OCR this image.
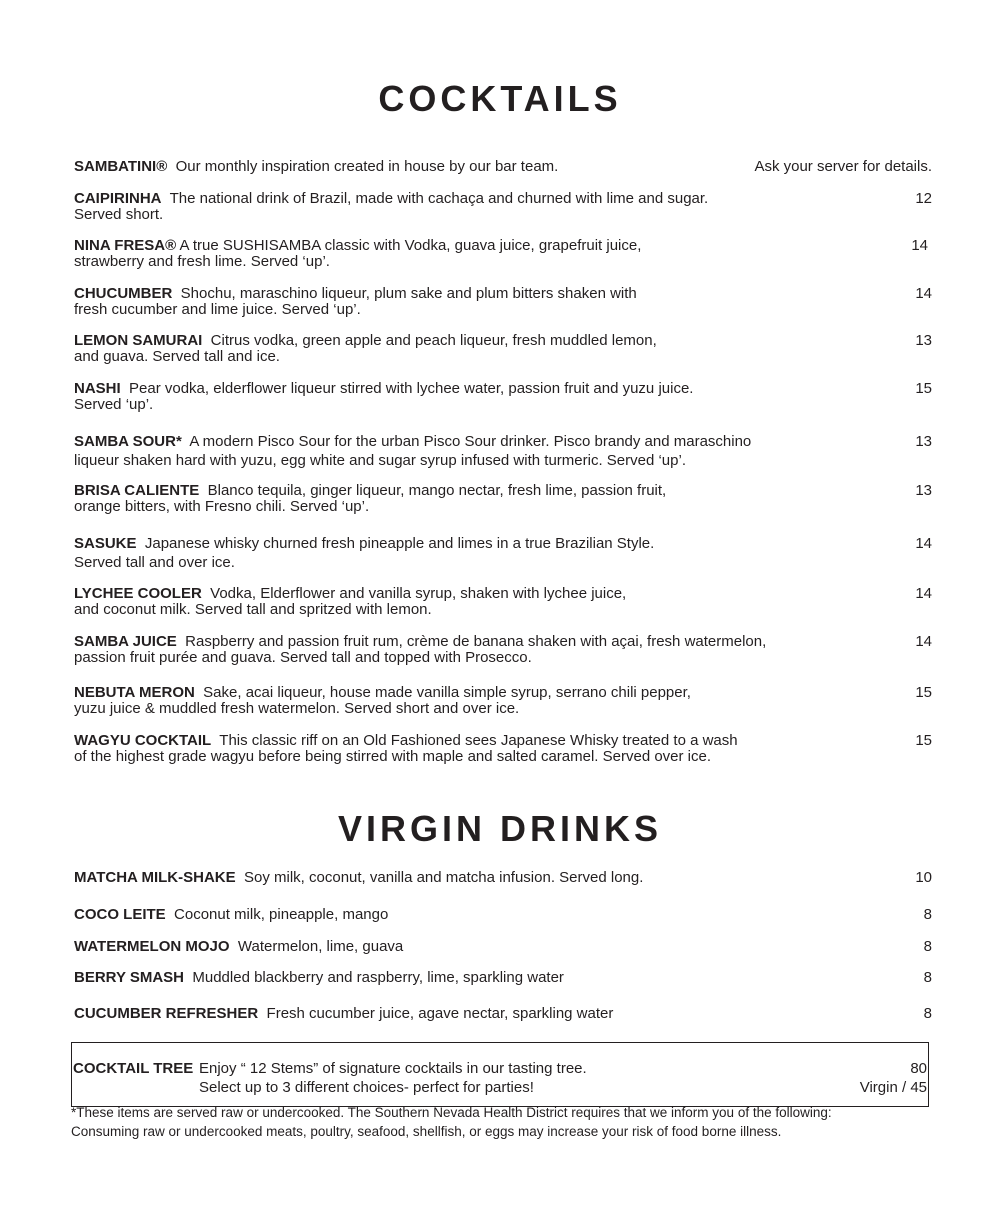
COCKTAILS
SAMBATINI® Our monthly inspiration created in house by our bar team.	Ask your server for details.
CAIPIRINHA The national drink of Brazil, made with cachaça and churned with lime and sugar.
Served short.
12
NINA FRESA® A true SUSHISAMBA classic with Vodka, guava juice, grapefruit juice,
strawberry and fresh lime. Served ‘up’.
14
CHUCUMBER Shochu, maraschino liqueur, plum sake and plum bitters shaken with
fresh cucumber and lime juice. Served ‘up’.
14
LEMON SAMURAI Citrus vodka, green apple and peach liqueur, fresh muddled lemon,
and guava. Served tall and ice.
13
NASHI Pear vodka, elderflower liqueur stirred with lychee water, passion fruit and yuzu juice.
Served ‘up’.
15
SAMBA SOUR* A modern Pisco Sour for the urban Pisco Sour drinker. Pisco brandy and maraschino
liqueur shaken hard with yuzu, egg white and sugar syrup infused with turmeric. Served ‘up’.
13
BRISA CALIENTE Blanco tequila, ginger liqueur, mango nectar, fresh lime, passion fruit,
orange bitters, with Fresno chili. Served ‘up’.
13
SASUKE Japanese whisky churned fresh pineapple and limes in a true Brazilian Style.
Served tall and over ice.
14
LYCHEE COOLER Vodka, Elderflower and vanilla syrup, shaken with lychee juice,
and coconut milk. Served tall and spritzed with lemon.
14
SAMBA JUICE Raspberry and passion fruit rum, crème de banana shaken with açai, fresh watermelon,
passion fruit purée and guava. Served tall and topped with Prosecco.
14
NEBUTA MERON Sake, acai liqueur, house made vanilla simple syrup, serrano chili pepper,
yuzu juice & muddled fresh watermelon. Served short and over ice.
15
WAGYU COCKTAIL This classic riff on an Old Fashioned sees Japanese Whisky treated to a wash
of the highest grade wagyu before being stirred with maple and salted caramel. Served over ice.
15
VIRGIN DRINKS
MATCHA MILK-SHAKE Soy milk, coconut, vanilla and matcha infusion. Served long.	10
COCO LEITE Coconut milk, pineapple, mango	8
WATERMELON MOJO Watermelon, lime, guava	8
BERRY SMASH Muddled blackberry and raspberry, lime, sparkling water	8
CUCUMBER REFRESHER Fresh cucumber juice, agave nectar, sparkling water	8
COCKTAIL TREE Enjoy “ 12 Stems” of signature cocktails in our tasting tree.
Select up to 3 different choices- perfect for parties!
80
Virgin / 45
*These items are served raw or undercooked. The Southern Nevada Health District requires that we inform you of the following:
Consuming raw or undercooked meats, poultry, seafood, shellfish, or eggs may increase your risk of food borne illness.
